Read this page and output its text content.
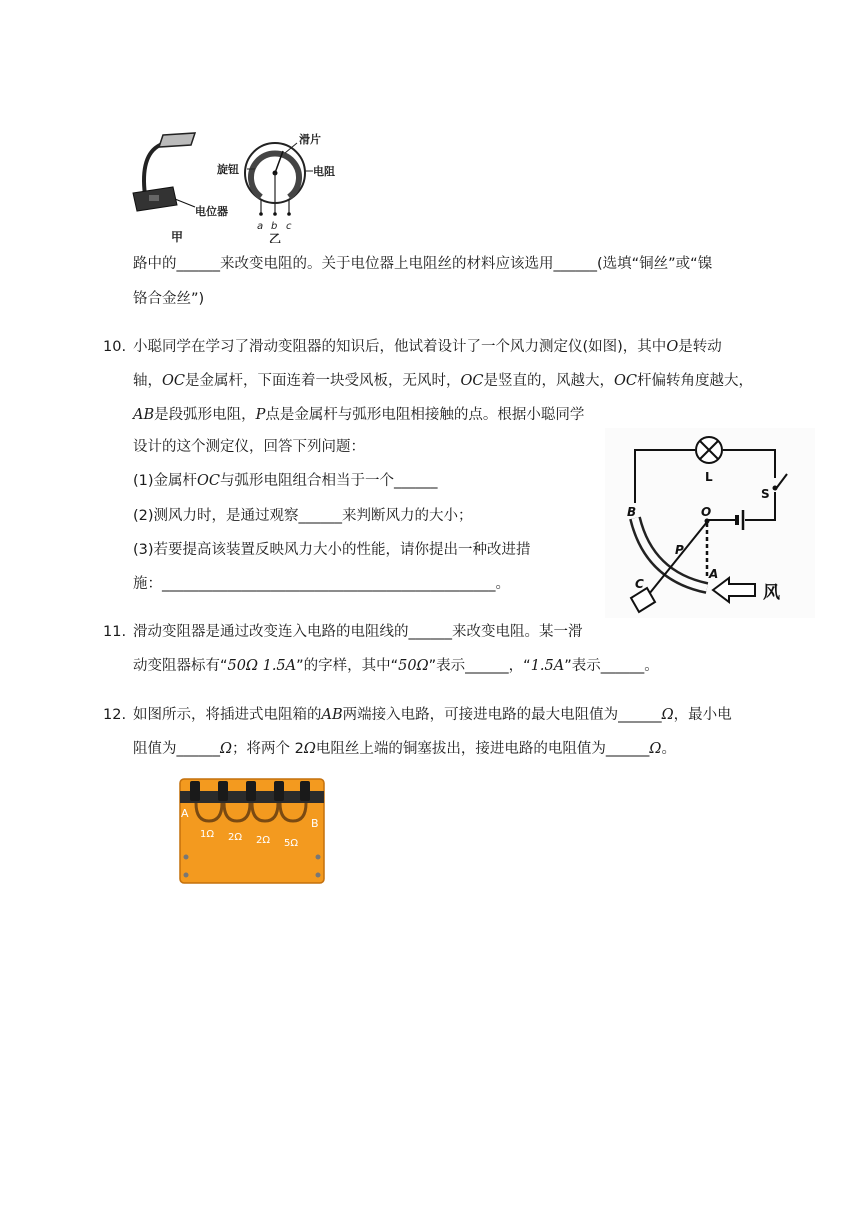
电位器
甲
滑片
旋钮	电阻
a b c
乙
路中的______来改变电阻的。关于电位器上电阻丝的材料应该选用______(选填“铜丝”或“镍
铬合金丝”)
10. 小聪同学在学习了滑动变阻器的知识后，他试着设计了一个风力测定仪(如图)，其中O是转动
轴，OC是金属杆，下面连着一块受风板，无风时，OC是竖直的，风越大，OC杆偏转角度越大，
AB是段弧形电阻，P点是金属杆与弧形电阻相接触的点。根据小聪同学
设计的这个测定仪，回答下列问题：
(1)金属杆OC与弧形电阻组合相当于一个______
(2)测风力时，是通过观察______来判断风力的大小；
(3)若要提高该装置反映风力大小的性能，请你提出一种改进措
施：______________________________________________。
L
S
B	O
P
A
C	风
11. 滑动变阻器是通过改变连入电路的电阻线的______来改变电阻。某一滑
动变阻器标有“50Ω 1.5A”的字样，其中“50Ω”表示______，“1.5A”表示______。
12. 如图所示，将插进式电阻箱的AB两端接入电路，可接进电路的最大电阻值为______Ω，最小电
阻值为______Ω；将两个 2Ω电阻丝上端的铜塞拔出，接进电路的电阻值为______Ω。
A
B
1Ω 2Ω 2Ω 5Ω
